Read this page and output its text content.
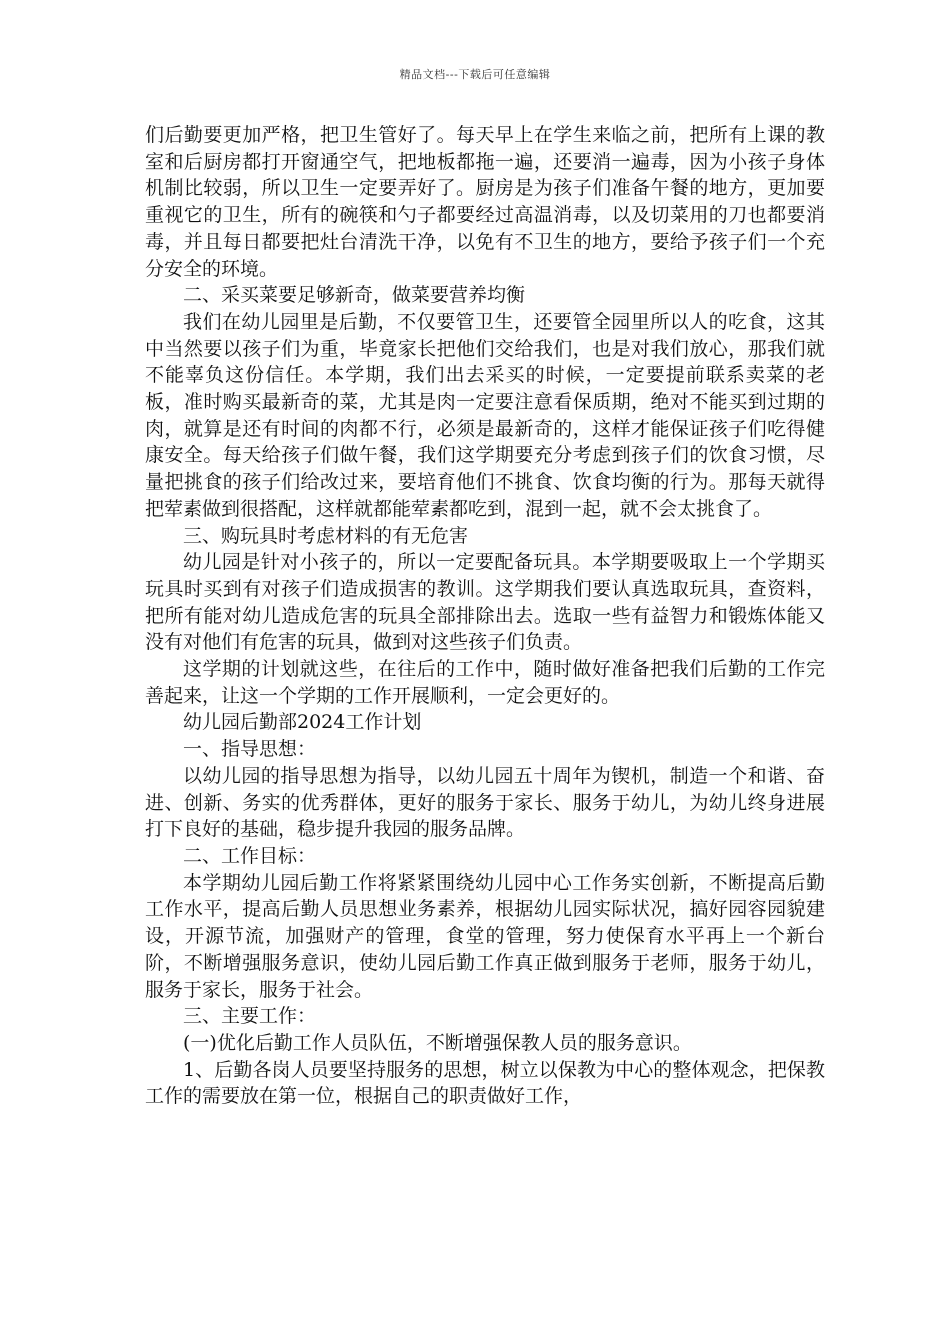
精品文档---下载后可任意编辑

们后勤要更加严格，把卫生管好了。每天早上在学生来临之前，把所有上课的教室和后厨房都打开窗通空气，把地板都拖一遍，还要消一遍毒，因为小孩子身体机制比较弱，所以卫生一定要弄好了。厨房是为孩子们准备午餐的地方，更加要重视它的卫生，所有的碗筷和勺子都要经过高温消毒，以及切菜用的刀也都要消毒，并且每日都要把灶台清洗干净，以免有不卫生的地方，要给予孩子们一个充分安全的环境。

二、采买菜要足够新奇，做菜要营养均衡

我们在幼儿园里是后勤，不仅要管卫生，还要管全园里所以人的吃食，这其中当然要以孩子们为重，毕竟家长把他们交给我们，也是对我们放心，那我们就不能辜负这份信任。本学期，我们出去采买的时候，一定要提前联系卖菜的老板，准时购买最新奇的菜，尤其是肉一定要注意看保质期，绝对不能买到过期的肉，就算是还有时间的肉都不行，必须是最新奇的，这样才能保证孩子们吃得健康安全。每天给孩子们做午餐，我们这学期要充分考虑到孩子们的饮食习惯，尽量把挑食的孩子们给改过来，要培育他们不挑食、饮食均衡的行为。那每天就得把荤素做到很搭配，这样就都能荤素都吃到，混到一起，就不会太挑食了。

三、购玩具时考虑材料的有无危害

幼儿园是针对小孩子的，所以一定要配备玩具。本学期要吸取上一个学期买玩具时买到有对孩子们造成损害的教训。这学期我们要认真选取玩具，查资料，把所有能对幼儿造成危害的玩具全部排除出去。选取一些有益智力和锻炼体能又没有对他们有危害的玩具，做到对这些孩子们负责。

这学期的计划就这些，在往后的工作中，随时做好准备把我们后勤的工作完善起来，让这一个学期的工作开展顺利，一定会更好的。

幼儿园后勤部2024工作计划

一、指导思想：

以幼儿园的指导思想为指导，以幼儿园五十周年为锲机，制造一个和谐、奋进、创新、务实的优秀群体，更好的服务于家长、服务于幼儿，为幼儿终身进展打下良好的基础，稳步提升我园的服务品牌。

二、工作目标：

本学期幼儿园后勤工作将紧紧围绕幼儿园中心工作务实创新，不断提高后勤工作水平，提高后勤人员思想业务素养，根据幼儿园实际状况，搞好园容园貌建设，开源节流，加强财产的管理，食堂的管理，努力使保育水平再上一个新台阶，不断增强服务意识，使幼儿园后勤工作真正做到服务于老师，服务于幼儿，服务于家长，服务于社会。

三、主要工作：

(一)优化后勤工作人员队伍，不断增强保教人员的服务意识。

1、后勤各岗人员要坚持服务的思想，树立以保教为中心的整体观念，把保教工作的需要放在第一位，根据自己的职责做好工作，
